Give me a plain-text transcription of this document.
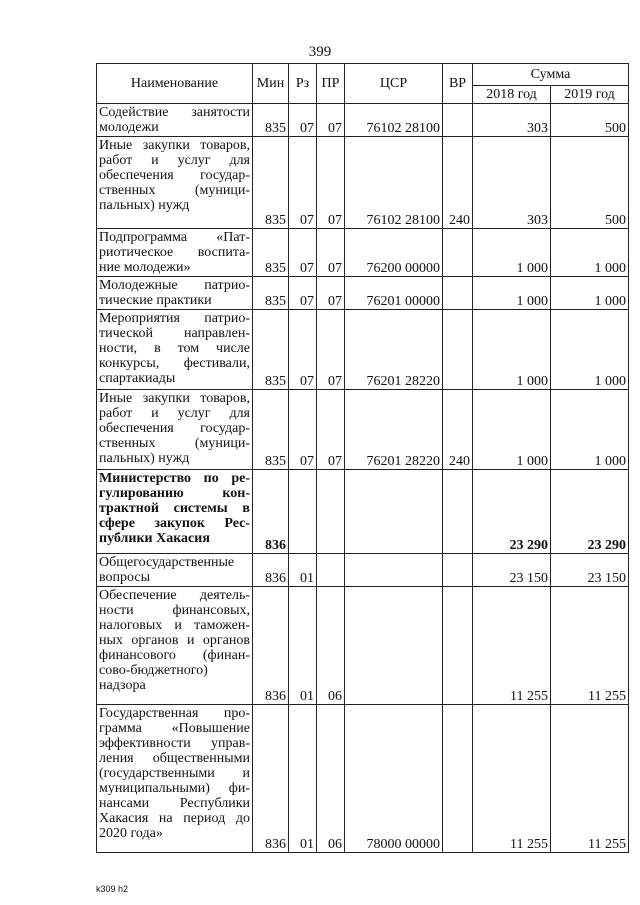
399
Наименование	Мин	Рз	ПР	ЦСР	ВР	Сумма	
						2018 год	2019 год
Содействие занятости молодежи	835	07	07	76102 28100		303	500
Иные закупки товаров, работ и услуг для обеспечения государ-ственных (муници-пальных) нужд	835	07	07	76102 28100	240	303	500
Подпрограмма «Пат-риотическое воспита-ние молодежи»	835	07	07	76200 00000		1 000	1 000
Молодежные патрио-тические практики	835	07	07	76201 00000		1 000	1 000
Мероприятия патрио-тической направлен-ности, в том числе конкурсы, фестивали, спартакиады	835	07	07	76201 28220		1 000	1 000
Иные закупки товаров, работ и услуг для обеспечения государ-ственных (муници-пальных) нужд	835	07	07	76201 28220	240	1 000	1 000
Министерство по ре-гулированию кон-трактной системы в сфере закупок Рес-публики Хакасия	836					23 290	23 290
Общегосударственные вопросы	836	01				23 150	23 150
Обеспечение деятель-ности финансовых, налоговых и таможен-ных органов и органов финансового (финан-сово-бюджетного) надзора	836	01	06			11 255	11 255
Государственная про-грамма «Повышение эффективности управ-ления общественными (государственными и муниципальными) фи-нансами Республики Хакасия на период до 2020 года»	836	01	06	78000 00000		11 255	11 255
k309 h2
